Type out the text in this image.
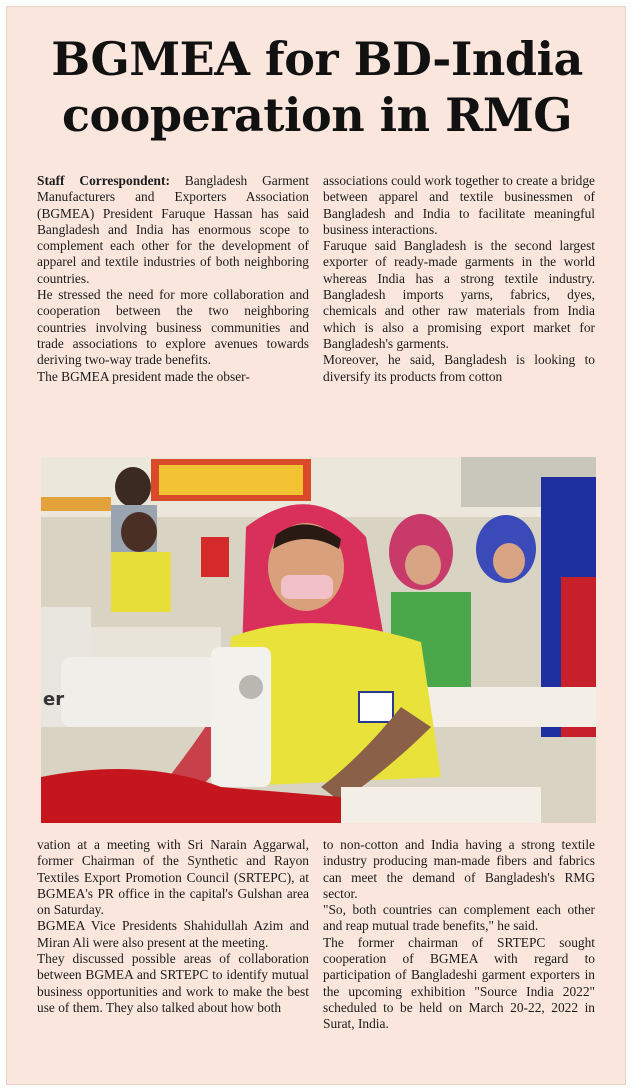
BGMEA for BD-India
cooperation in RMG

Staff Correspondent: Bangladesh Garment Manufacturers and Exporters Association (BGMEA) President Faruque Hassan has said Bangladesh and India has enormous scope to complement each other for the development of apparel and textile industries of both neighboring countries.

He stressed the need for more collaboration and cooperation between the two neighboring countries involving business communities and trade associations to explore avenues towards deriving two-way trade benefits.

The BGMEA president made the obser-

associations could work together to create a bridge between apparel and textile businessmen of Bangladesh and India to facilitate meaningful business interactions.

Faruque said Bangladesh is the second largest exporter of ready-made garments in the world whereas India has a strong textile industry. Bangladesh imports yarns, fabrics, dyes, chemicals and other raw materials from India which is also a promising export market for Bangladesh's garments.

Moreover, he said, Bangladesh is looking to diversify its products from cotton

er

vation at a meeting with Sri Narain Aggarwal, former Chairman of the Synthetic and Rayon Textiles Export Promotion Council (SRTEPC), at BGMEA's PR office in the capital's Gulshan area on Saturday.

BGMEA Vice Presidents Shahidullah Azim and Miran Ali were also present at the meeting.

They discussed possible areas of collaboration between BGMEA and SRTEPC to identify mutual business opportunities and work to make the best use of them. They also talked about how both

to non-cotton and India having a strong textile industry producing man-made fibers and fabrics can meet the demand of Bangladesh's RMG sector.

"So, both countries can complement each other and reap mutual trade benefits," he said.

The former chairman of SRTEPC sought cooperation of BGMEA with regard to participation of Bangladeshi garment exporters in the upcoming exhibition "Source India 2022" scheduled to be held on March 20-22, 2022 in Surat, India.
